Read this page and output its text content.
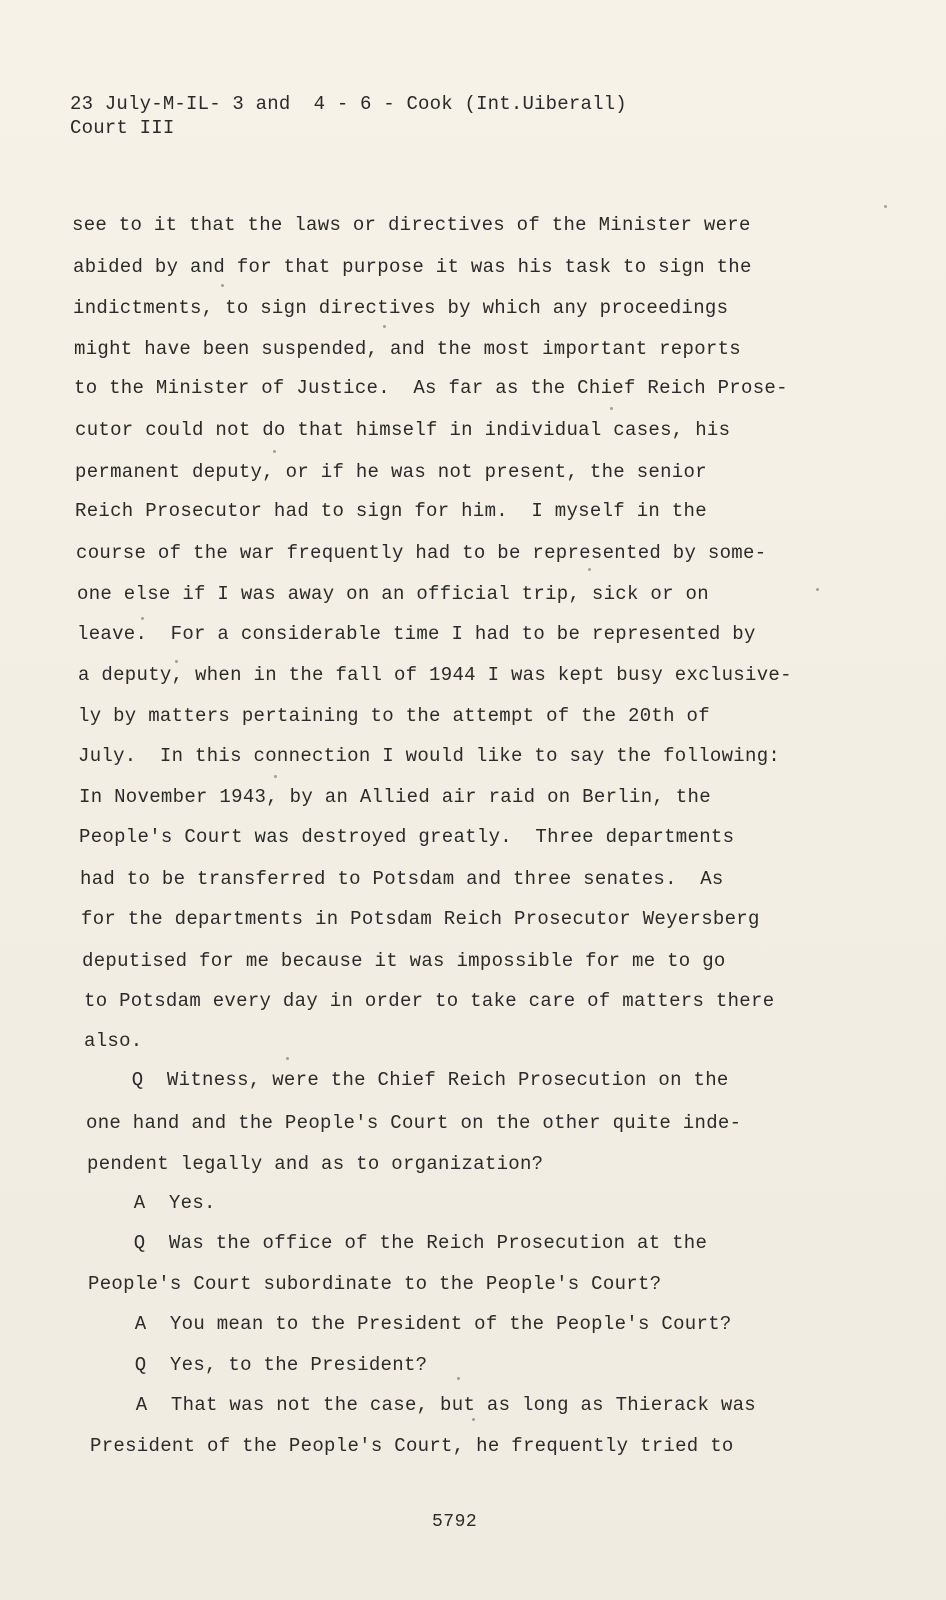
23 July-M-IL- 3 and  4 - 6 - Cook (Int.Uiberall)
Court III
see to it that the laws or directives of the Minister were
abided by and for that purpose it was his task to sign the
indictments, to sign directives by which any proceedings
might have been suspended, and the most important reports
to the Minister of Justice.  As far as the Chief Reich Prose-
cutor could not do that himself in individual cases, his
permanent deputy, or if he was not present, the senior
Reich Prosecutor had to sign for him.  I myself in the
course of the war frequently had to be represented by some-
one else if I was away on an official trip, sick or on
leave.  For a considerable time I had to be represented by
a deputy, when in the fall of 1944 I was kept busy exclusive-
ly by matters pertaining to the attempt of the 20th of
July.  In this connection I would like to say the following:
In November 1943, by an Allied air raid on Berlin, the
People's Court was destroyed greatly.  Three departments
had to be transferred to Potsdam and three senates.  As
for the departments in Potsdam Reich Prosecutor Weyersberg
deputised for me because it was impossible for me to go
to Potsdam every day in order to take care of matters there
also.
Q  Witness, were the Chief Reich Prosecution on the
one hand and the People's Court on the other quite inde-
pendent legally and as to organization?
A  Yes.
Q  Was the office of the Reich Prosecution at the
People's Court subordinate to the People's Court?
A  You mean to the President of the People's Court?
Q  Yes, to the President?
A  That was not the case, but as long as Thierack was
President of the People's Court, he frequently tried to
5792
